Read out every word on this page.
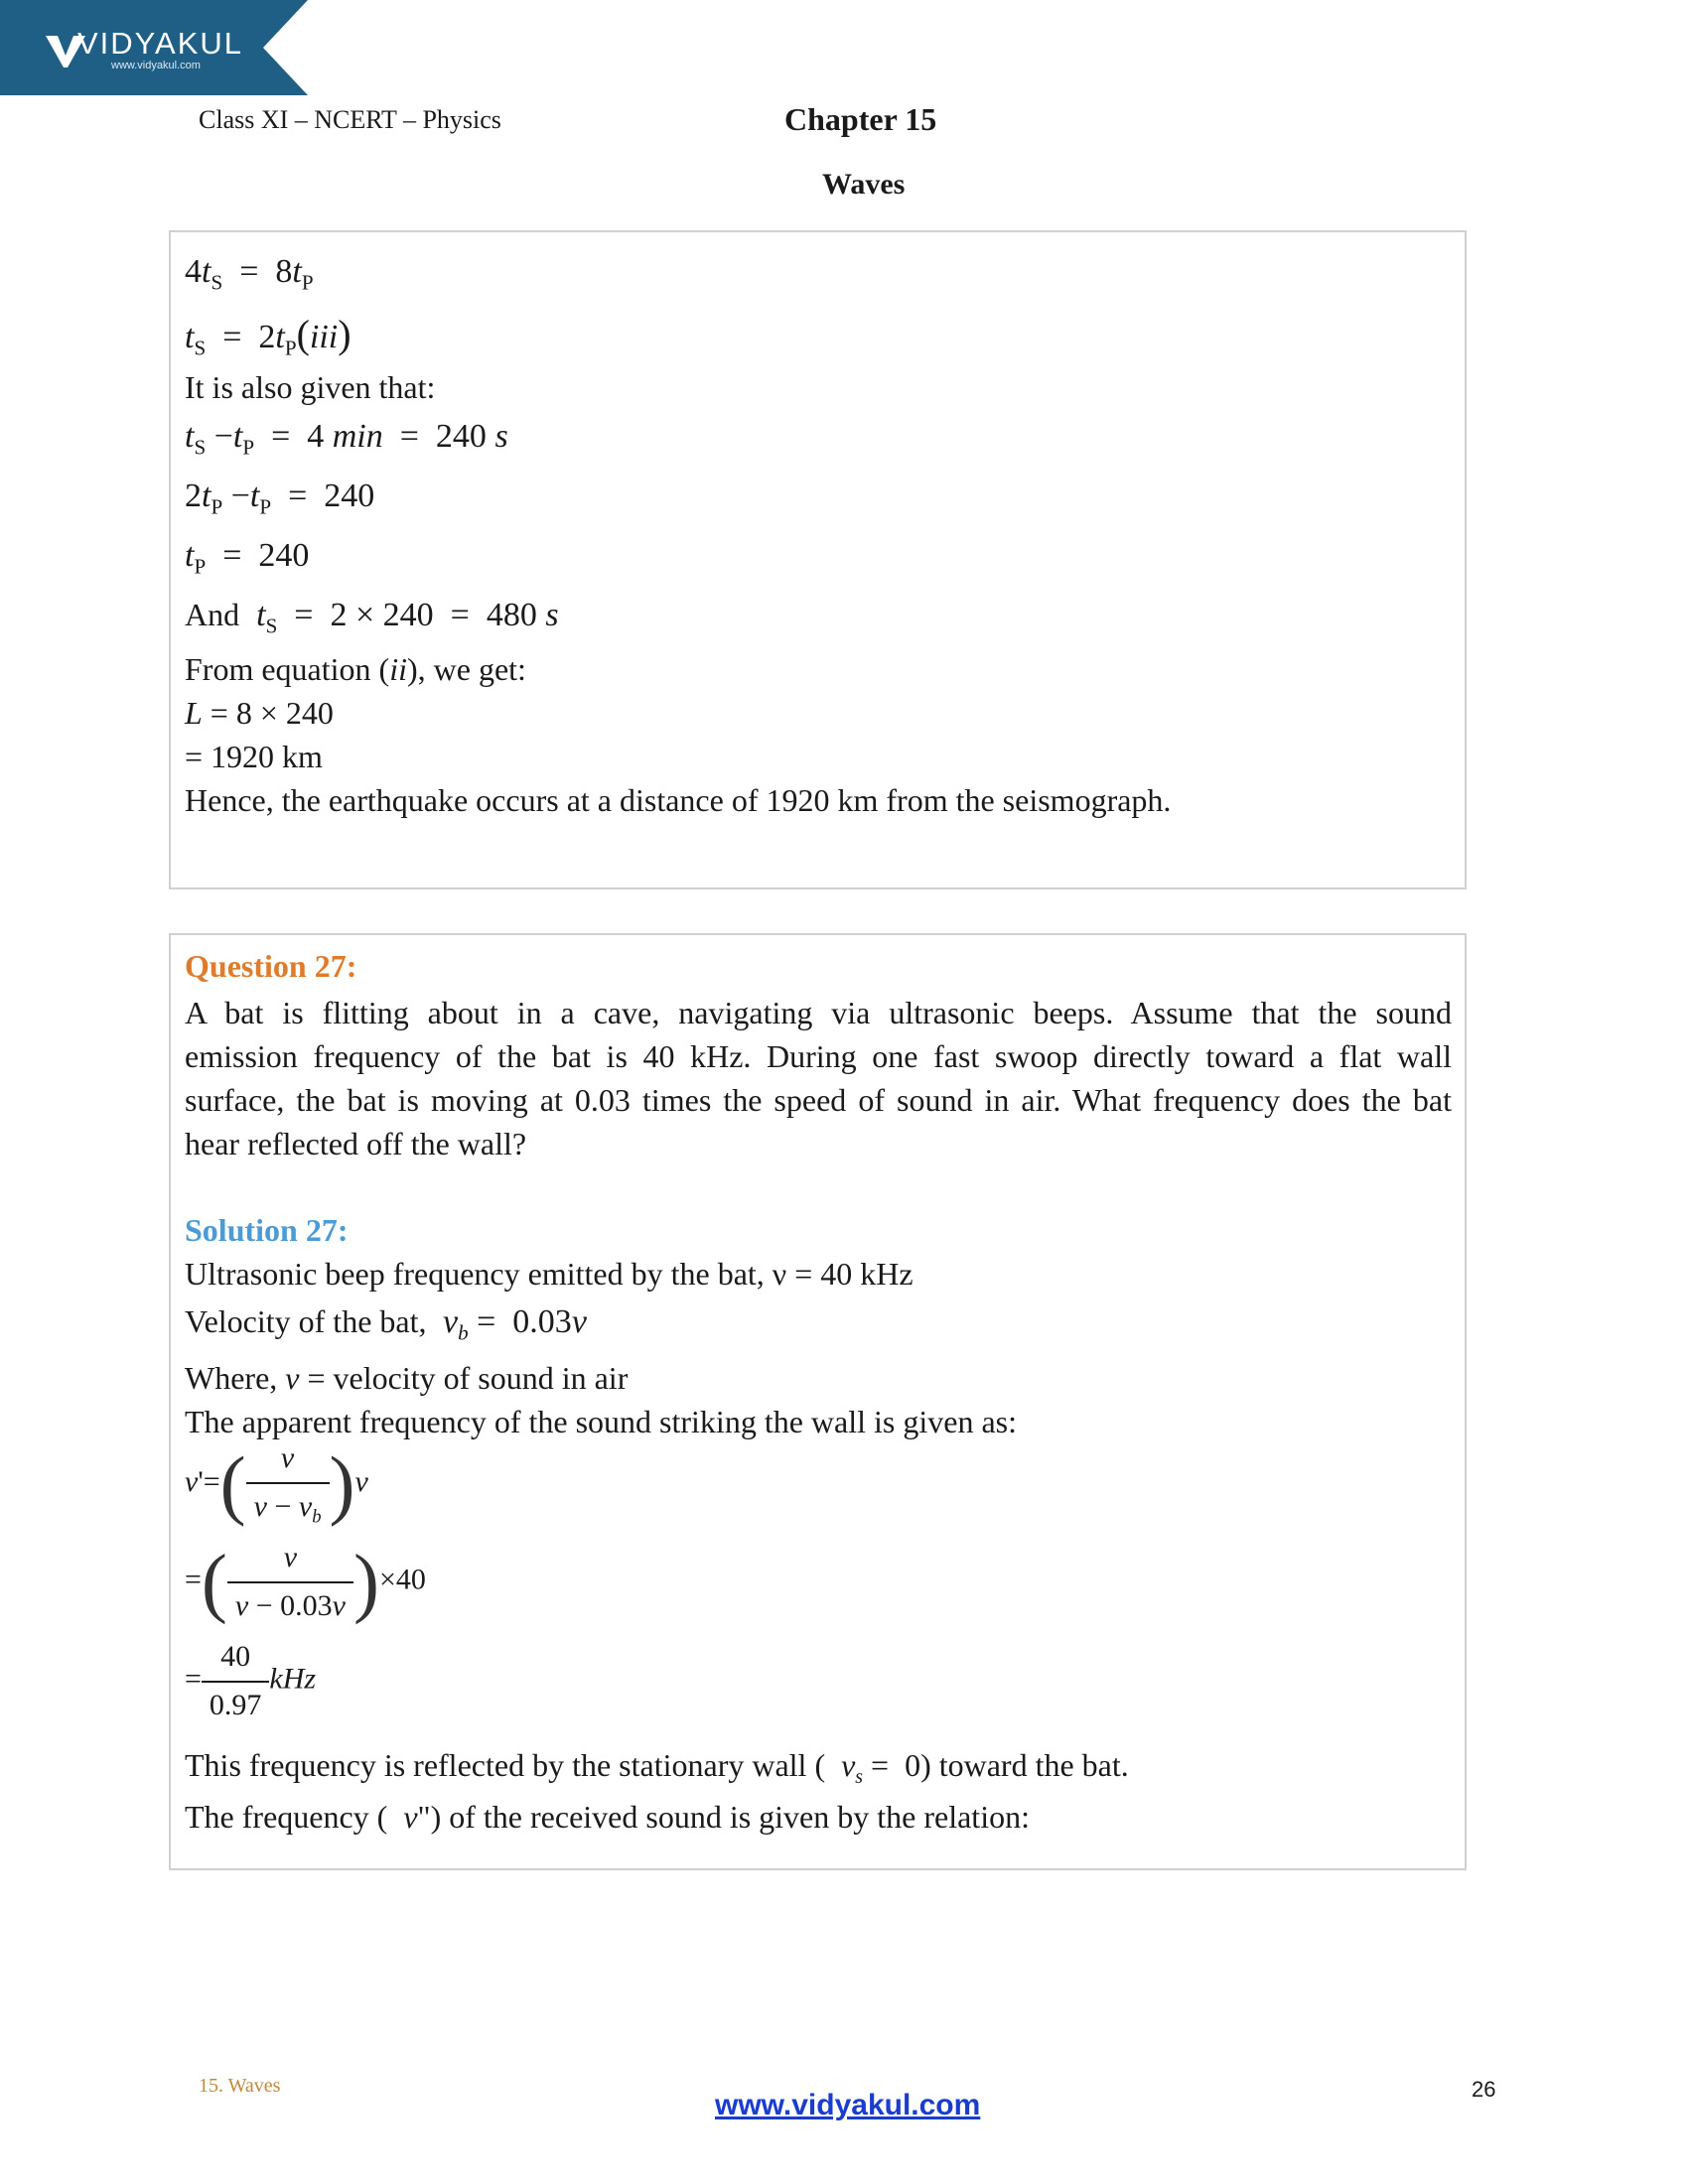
VIDYAKUL
www.vidyakul.com
Class XI – NCERT – Physics	Chapter 15
Waves
$4t_S = 8t_P$
$t_S = 2t_P(iii)$
It is also given that:
$t_S -t_P = 4$ min  =  240 s
$2t_P -t_P = 240$
$t_P = 240$
And $t_S = 2 \times 240 = 480$ s
From equation (ii), we get:
L = 8 × 240
= 1920 km
Hence, the earthquake occurs at a distance of 1920 km from the seismograph.
Question 27:
A bat is flitting about in a cave, navigating via ultrasonic beeps. Assume that the sound
emission frequency of the bat is 40 kHz. During one fast swoop directly toward a flat wall
surface, the bat is moving at 0.03 times the speed of sound in air. What frequency does the bat
hear reflected off the wall?
Solution 27:
Ultrasonic beep frequency emitted by the bat, ν = 40 kHz
Velocity of the bat, $v_b = 0.03v$
Where, v = velocity of sound in air
The apparent frequency of the sound striking the wall is given as:
$v'=( \frac{v}{v - v_b} )v$
=( $\frac{v}{v - 0.03v} )\times 40$
= $\frac{40}{0.97}$ kHz
This frequency is reflected by the stationary wall (  $v_s = 0$) toward the bat.
The frequency (  v") of the received sound is given by the relation:
15. Waves
www.vidyakul.com	26
